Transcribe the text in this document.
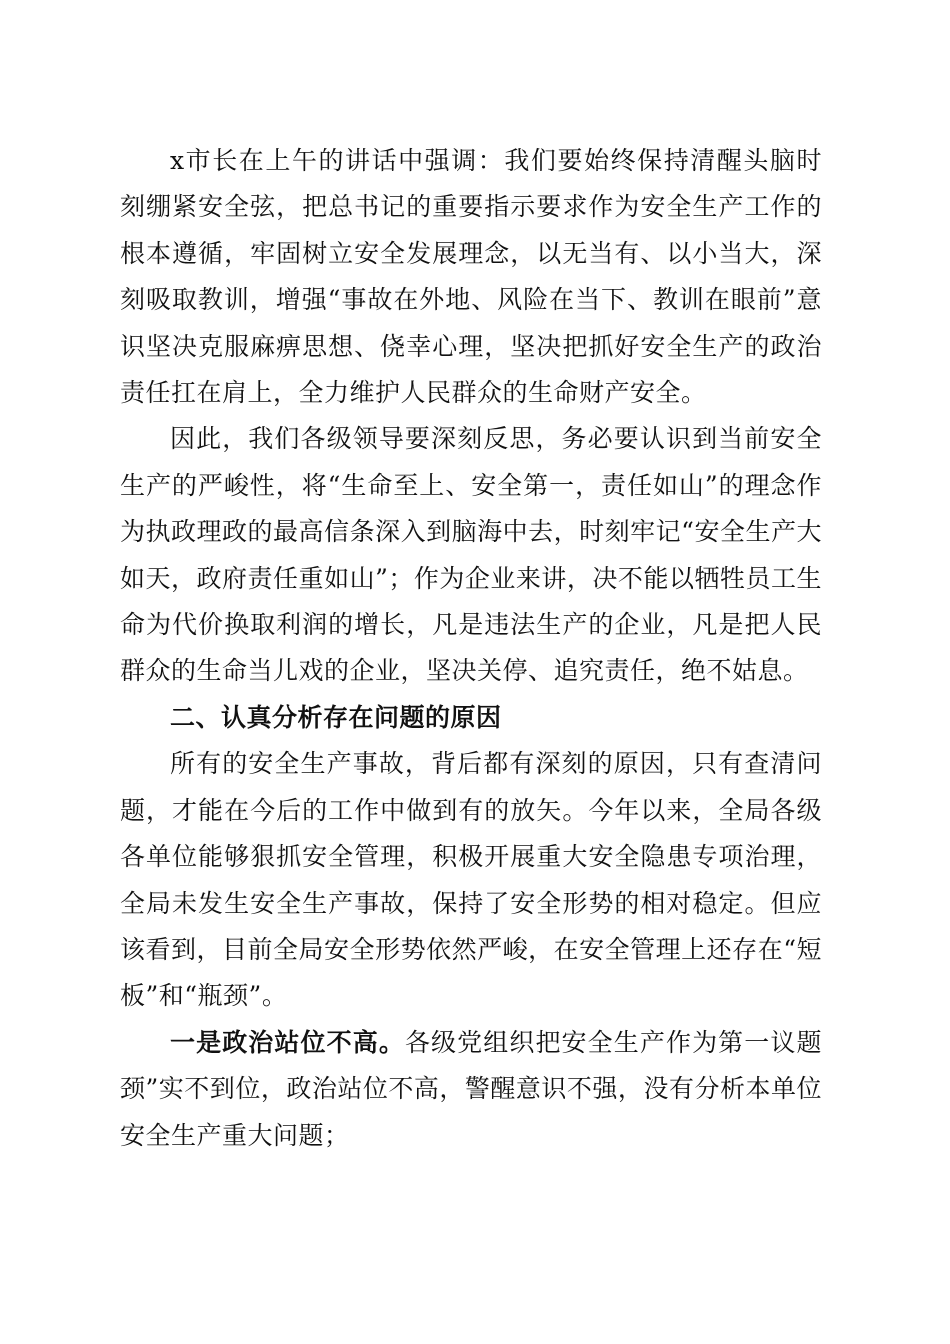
x市长在上午的讲话中强调：我们要始终保持清醒头脑时刻绷紧安全弦，把总书记的重要指示要求作为安全生产工作的根本遵循，牢固树立安全发展理念，以无当有、以小当大，深刻吸取教训，增强“事故在外地、风险在当下、教训在眼前”意识坚决克服麻痹思想、侥幸心理，坚决把抓好安全生产的政治责任扛在肩上，全力维护人民群众的生命财产安全。

因此，我们各级领导要深刻反思，务必要认识到当前安全生产的严峻性，将“生命至上、安全第一，责任如山”的理念作为执政理政的最高信条深入到脑海中去，时刻牢记“安全生产大如天，政府责任重如山”；作为企业来讲，决不能以牺牲员工生命为代价换取利润的增长，凡是违法生产的企业，凡是把人民群众的生命当儿戏的企业，坚决关停、追究责任，绝不姑息。

二、认真分析存在问题的原因

所有的安全生产事故，背后都有深刻的原因，只有查清问题，才能在今后的工作中做到有的放矢。今年以来，全局各级各单位能够狠抓安全管理，积极开展重大安全隐患专项治理，全局未发生安全生产事故，保持了安全形势的相对稳定。但应该看到，目前全局安全形势依然严峻，在安全管理上还存在“短板”和“瓶颈”。

一是政治站位不高。各级党组织把安全生产作为第一议题颈”实不到位，政治站位不高，警醒意识不强，没有分析本单位安全生产重大问题；
